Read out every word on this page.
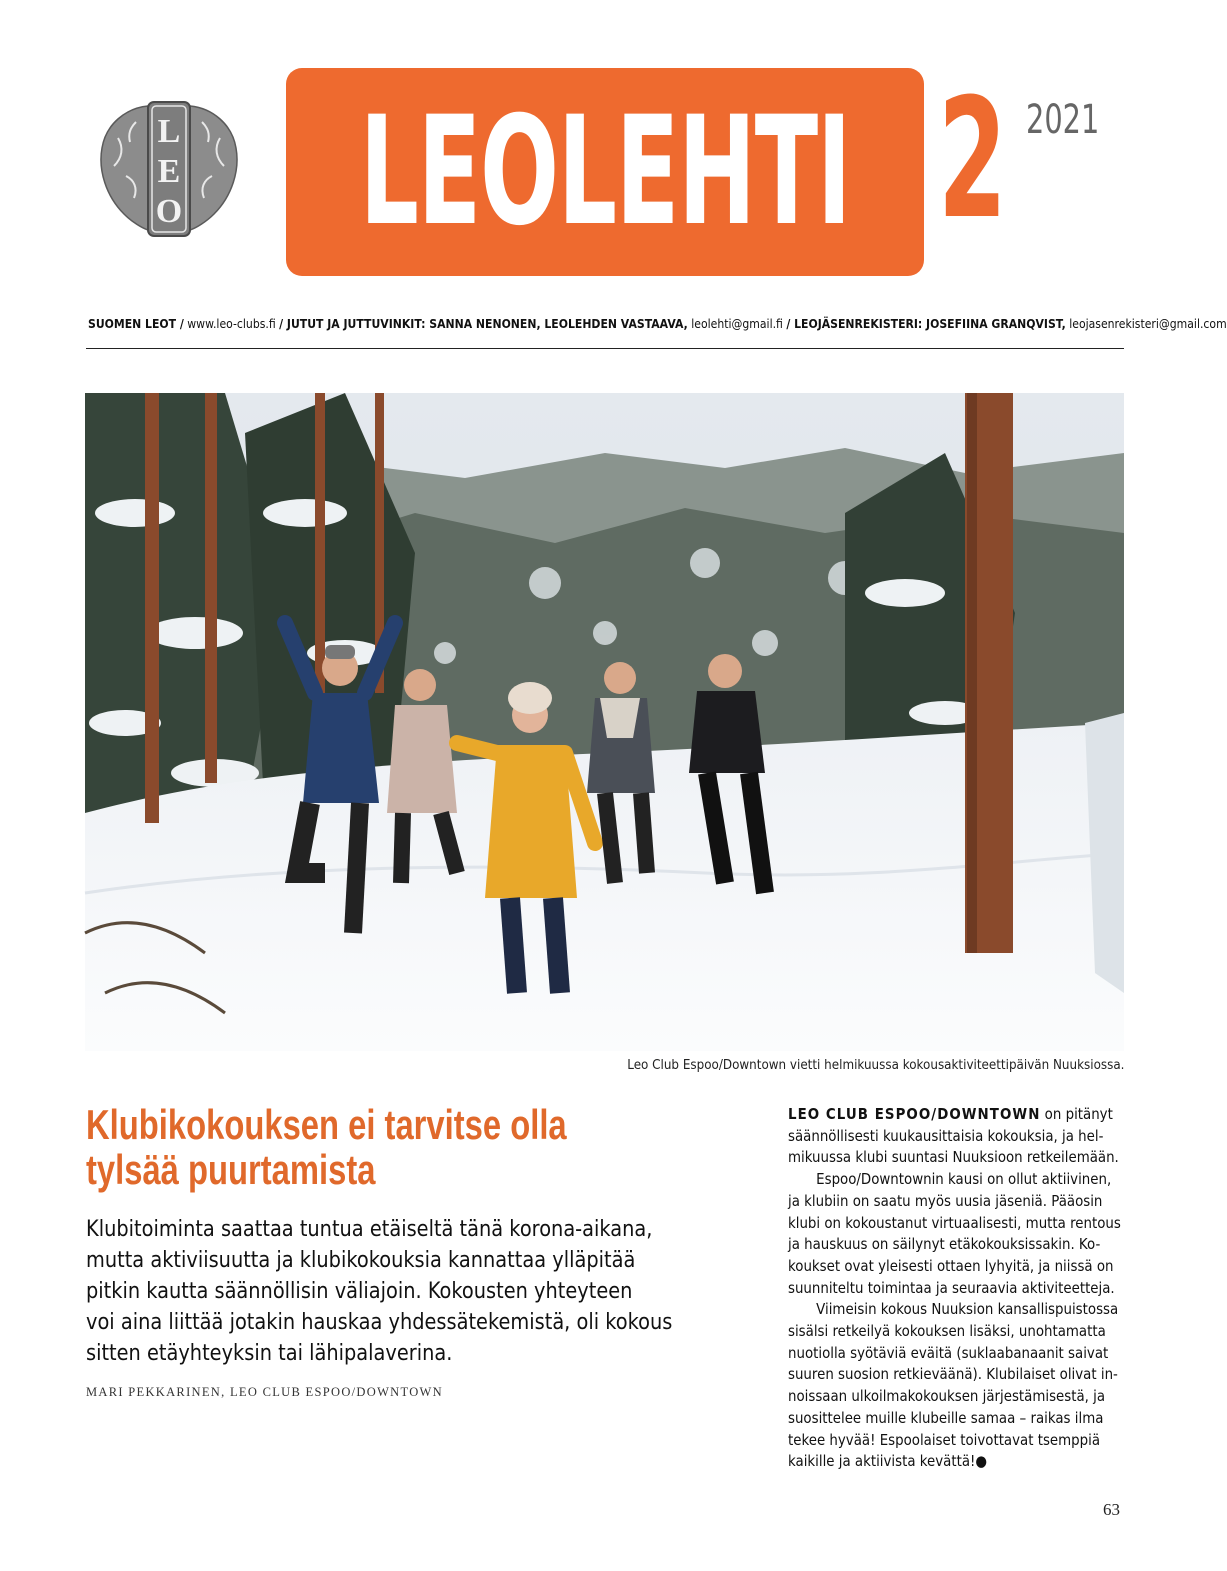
L
E
O LEOLEHTI 2 2021
SUOMEN LEOT / www.leo-clubs.fi / JUTUT JA JUTTUVINKIT: SANNA NENONEN, LEOLEHDEN VASTAAVA, leolehti@gmail.fi / LEOJÄSENREKISTERI: JOSEFIINA GRANQVIST, leojasenrekisteri@gmail.com
Leo Club Espoo/Downtown vietti helmikuussa kokousaktiviteettipäivän Nuuksiossa.
Klubikokouksen ei tarvitse olla
tylsää puurtamista
Klubitoiminta saattaa tuntua etäiseltä tänä korona-aikana,
mutta aktiviisuutta ja klubikokouksia kannattaa ylläpitää
pitkin kautta säännöllisin väliajoin. Kokousten yhteyteen
voi aina liittää jotakin hauskaa yhdessätekemistä, oli kokous
sitten etäyhteyksin tai lähipalaverina.
MARI PEKKARINEN, LEO CLUB ESPOO/DOWNTOWN
LEO CLUB ESPOO/DOWNTOWN on pitänyt
säännöllisesti kuukausittaisia kokouksia, ja hel-
mikuussa klubi suuntasi Nuuksioon retkeilemään.
Espoo/Downtownin kausi on ollut aktiivinen,
ja klubiin on saatu myös uusia jäseniä. Pääosin
klubi on kokoustanut virtuaalisesti, mutta rentous
ja hauskuus on säilynyt etäkokouksissakin. Ko-
koukset ovat yleisesti ottaen lyhyitä, ja niissä on
suunniteltu toimintaa ja seuraavia aktiviteetteja.
Viimeisin kokous Nuuksion kansallispuistossa
sisälsi retkeilyä kokouksen lisäksi, unohtamatta
nuotiolla syötäviä eväitä (suklaabanaanit saivat
suuren suosion retkieväänä). Klubilaiset olivat in-
noissaan ulkoilmakokouksen järjestämisestä, ja
suosittelee muille klubeille samaa – raikas ilma
tekee hyvää! Espoolaiset toivottavat tsemppiä
kaikille ja aktiivista kevättä!●
63
